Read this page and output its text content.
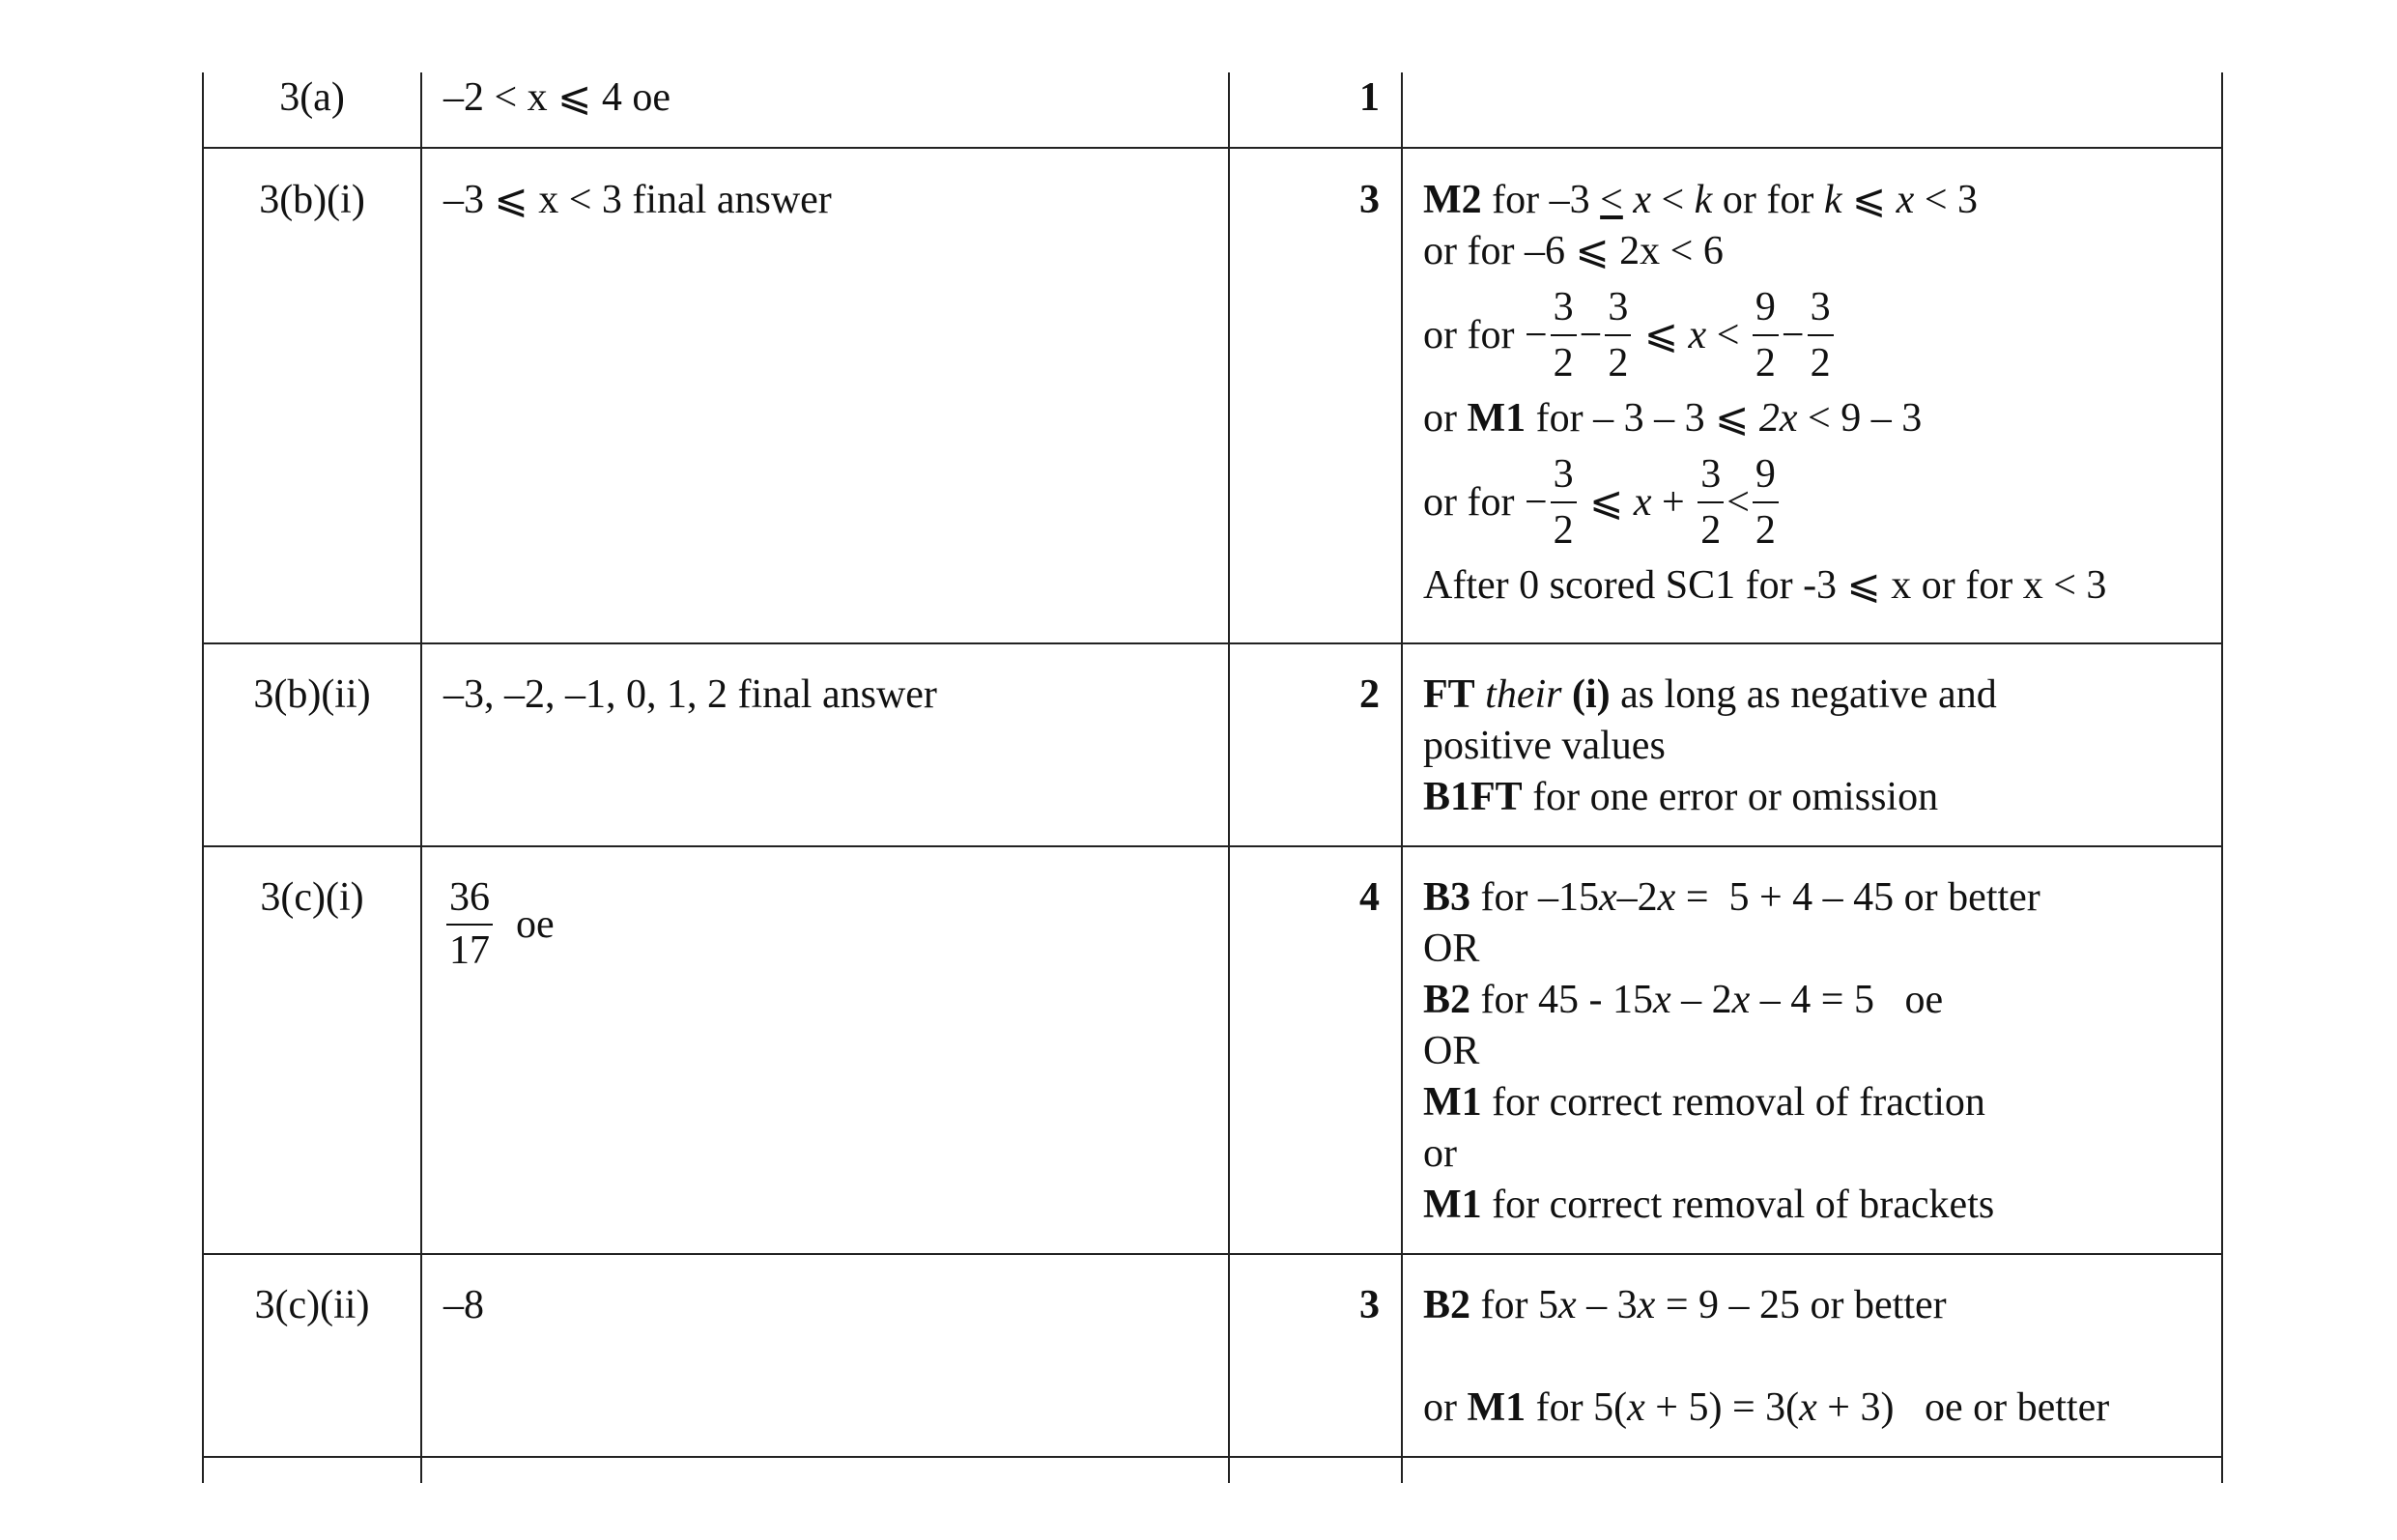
3(a)	–2 < x ⩽ 4 oe	1
3(b)(i)	–3 ⩽ x < 3 final answer	3 M2 for –3 ≤ x < k or for k ⩽ x < 3
or for –6 ⩽ 2x < 6
or for
− $\frac{3}{2} - \frac{3}{2}$
⩽
x
<
$\frac{9}{2} - \frac{3}{2}$
or M1 for – 3 – 3 ⩽ 2x < 9 – 3
or for
− $\frac{3}{2}$
⩽
x
+
$\frac{3}{2} < \frac{9}{2}$
After 0 scored SC1 for -3 ⩽ x or for x < 3
3(b)(ii)	–3, –2, –1, 0, 1, 2 final answer	2 FT their (i) as long as negative and
positive values
B1FT for one error or omission
3(c)(i)	$\frac{36}{17}$
oe
4 B3 for –15x–2x =  5 + 4 – 45 or better
OR
B2 for 45 - 15x – 2x – 4 = 5   oe
OR
M1 for correct removal of fraction
or
M1 for correct removal of brackets
3(c)(ii)	–8	3 B2 for 5x – 3x = 9 – 25 or better
or M1 for 5(x + 5) = 3(x + 3)   oe or better
